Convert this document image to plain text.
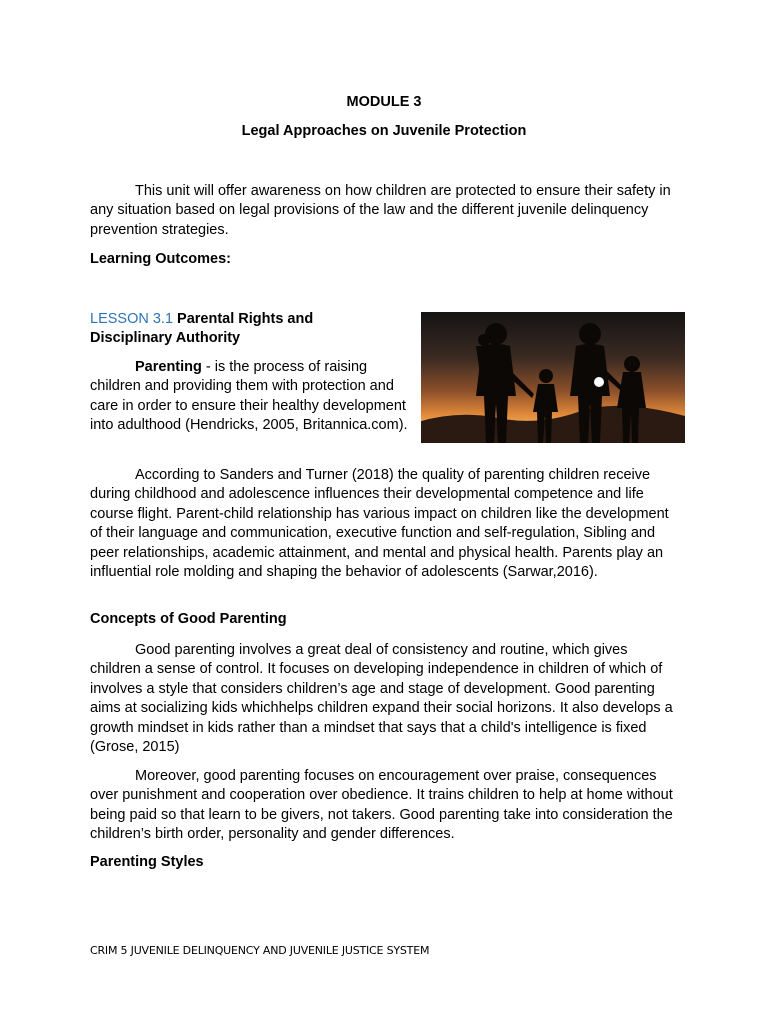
MODULE 3

Legal Approaches on Juvenile Protection

This unit will offer awareness on how children are protected to ensure their safety in any situation based on legal provisions of the law and the different juvenile delinquency prevention strategies.

Learning Outcomes:

LESSON 3.1 Parental Rights and Disciplinary Authority

Parenting - is the process of raising children and providing them with protection and care in order to ensure their healthy development into adulthood (Hendricks, 2005, Britannica.com).

According to Sanders and Turner (2018) the quality of parenting children receive during childhood and adolescence influences their developmental competence and life course flight. Parent-child relationship has various impact on children like the development of their language and communication, executive function and self-regulation, Sibling and peer relationships, academic attainment, and mental and physical health. Parents play an influential role molding and shaping the behavior of adolescents (Sarwar,2016).

Concepts of Good Parenting

Good parenting involves a great deal of consistency and routine, which gives children a sense of control. It focuses on developing independence in children of which of involves a style that considers children’s age and stage of development. Good parenting aims at socializing kids whichhelps children expand their social horizons. It also develops a growth mindset in kids rather than a mindset that says that a child's intelligence is fixed (Grose, 2015)

Moreover, good parenting focuses on encouragement over praise, consequences over punishment and cooperation over obedience. It trains children to help at home without being paid so that learn to be givers, not takers. Good parenting take into consideration the children’s birth order, personality and gender differences.

Parenting Styles

CRIM 5 JUVENILE DELINQUENCY AND JUVENILE JUSTICE SYSTEM
